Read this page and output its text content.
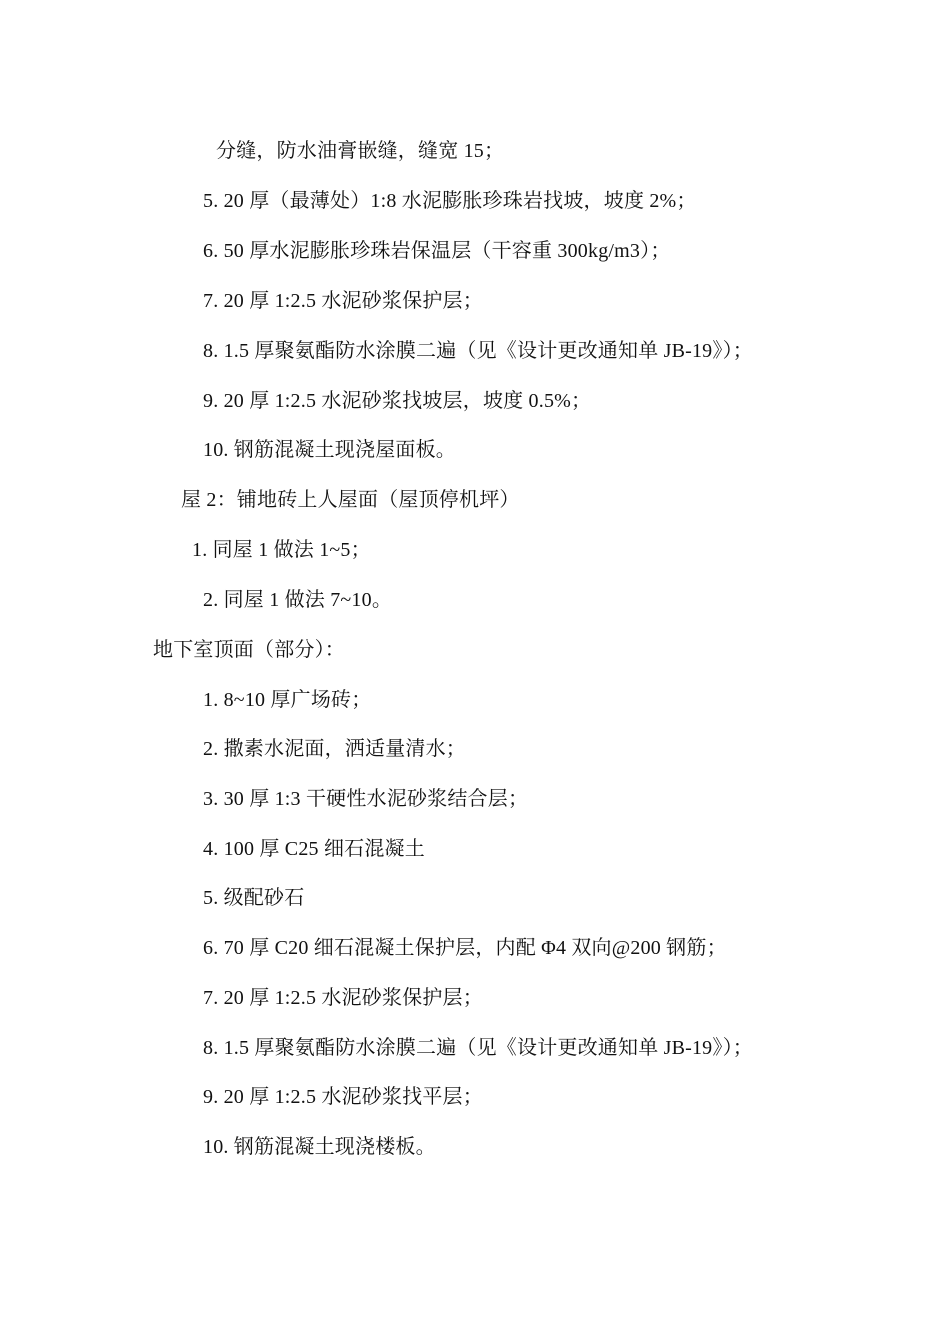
分缝，防水油膏嵌缝，缝宽 15；
5. 20 厚（最薄处）1:8 水泥膨胀珍珠岩找坡，坡度 2%；
6. 50 厚水泥膨胀珍珠岩保温层（干容重 300kg/m3）；
7. 20 厚 1:2.5 水泥砂浆保护层；
8. 1.5 厚聚氨酯防水涂膜二遍（见《设计更改通知单 JB-19》）；
9. 20 厚 1:2.5 水泥砂浆找坡层，坡度 0.5%；
10. 钢筋混凝土现浇屋面板。
屋 2：铺地砖上人屋面（屋顶停机坪）
1. 同屋 1 做法 1~5；
2. 同屋 1 做法 7~10。
地下室顶面（部分）：
1. 8~10 厚广场砖；
2. 撒素水泥面，洒适量清水；
3. 30 厚 1:3 干硬性水泥砂浆结合层；
4. 100 厚 C25 细石混凝土
5. 级配砂石
6. 70 厚 C20 细石混凝土保护层，内配 Φ4 双向@200 钢筋；
7. 20 厚 1:2.5 水泥砂浆保护层；
8. 1.5 厚聚氨酯防水涂膜二遍（见《设计更改通知单 JB-19》）；
9. 20 厚 1:2.5 水泥砂浆找平层；
10. 钢筋混凝土现浇楼板。
